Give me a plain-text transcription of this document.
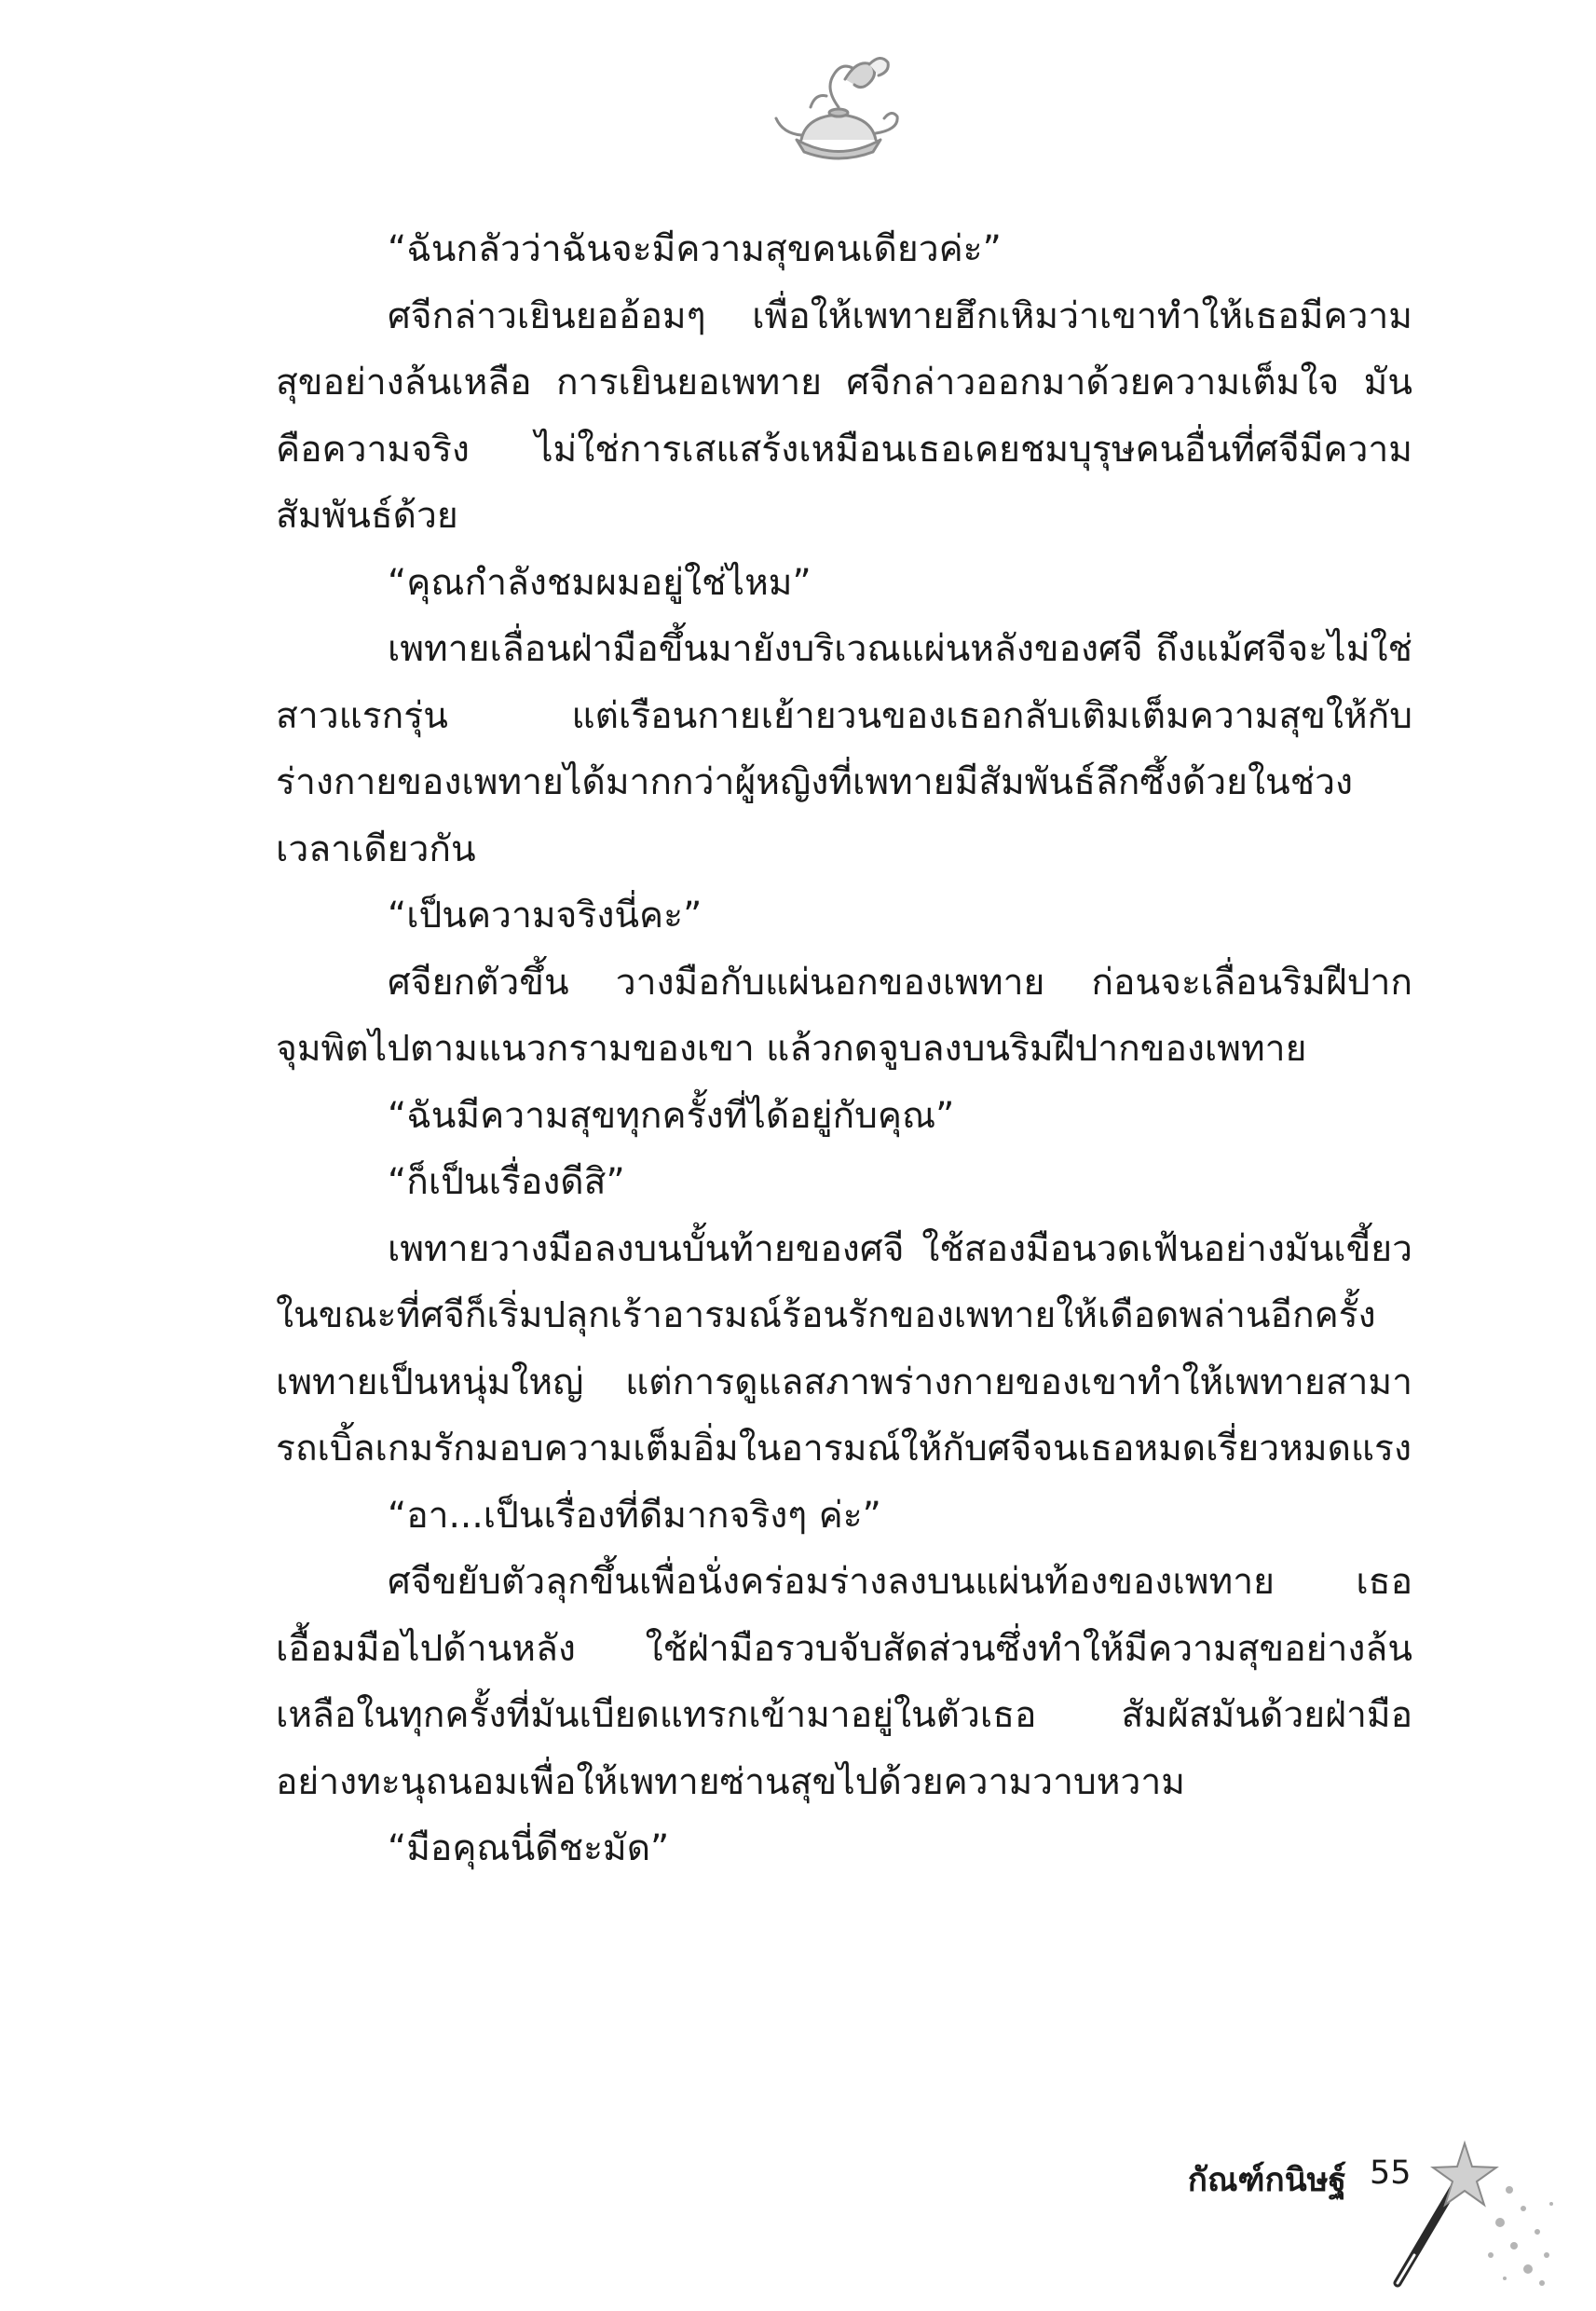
“ฉันกลัวว่าฉันจะมีความสุขคนเดียวค่ะ”

ศจีกล่าวเยินยออ้อมๆ เพื่อให้เพทายฮึกเหิมว่าเขาทำให้เธอมีความสุขอย่างล้นเหลือ การเยินยอเพทาย ศจีกล่าวออกมาด้วยความเต็มใจ มันคือความจริง ไม่ใช่การเสแสร้งเหมือนเธอเคยชมบุรุษคนอื่นที่ศจีมีความสัมพันธ์ด้วย

“คุณกำลังชมผมอยู่ใช่ไหม”

เพทายเลื่อนฝ่ามือขึ้นมายังบริเวณแผ่นหลังของศจี ถึงแม้ศจีจะไม่ใช่สาวแรกรุ่น แต่เรือนกายเย้ายวนของเธอกลับเติมเต็มความสุขให้กับร่างกายของเพทายได้มากกว่าผู้หญิงที่เพทายมีสัมพันธ์ลึกซึ้งด้วยในช่วงเวลาเดียวกัน

“เป็นความจริงนี่คะ”

ศจียกตัวขึ้น วางมือกับแผ่นอกของเพทาย ก่อนจะเลื่อนริมฝีปากจุมพิตไปตามแนวกรามของเขา แล้วกดจูบลงบนริมฝีปากของเพทาย

“ฉันมีความสุขทุกครั้งที่ได้อยู่กับคุณ”

“ก็เป็นเรื่องดีสิ”

เพทายวางมือลงบนบั้นท้ายของศจี ใช้สองมือนวดเฟ้นอย่างมันเขี้ยว ในขณะที่ศจีก็เริ่มปลุกเร้าอารมณ์ร้อนรักของเพทายให้เดือดพล่านอีกครั้ง เพทายเป็นหนุ่มใหญ่ แต่การดูแลสภาพร่างกายของเขาทำให้เพทายสามารถเบิ้ลเกมรักมอบความเต็มอิ่มในอารมณ์ให้กับศจีจนเธอหมดเรี่ยวหมดแรง

“อา...เป็นเรื่องที่ดีมากจริงๆ ค่ะ”

ศจีขยับตัวลุกขึ้นเพื่อนั่งคร่อมร่างลงบนแผ่นท้องของเพทาย เธอเอื้อมมือไปด้านหลัง ใช้ฝ่ามือรวบจับสัดส่วนซึ่งทำให้มีความสุขอย่างล้นเหลือในทุกครั้งที่มันเบียดแทรกเข้ามาอยู่ในตัวเธอ สัมผัสมันด้วยฝ่ามืออย่างทะนุถนอมเพื่อให้เพทายซ่านสุขไปด้วยความวาบหวาม

“มือคุณนี่ดีชะมัด”

กัณฑ์กนิษฐ์ 55
